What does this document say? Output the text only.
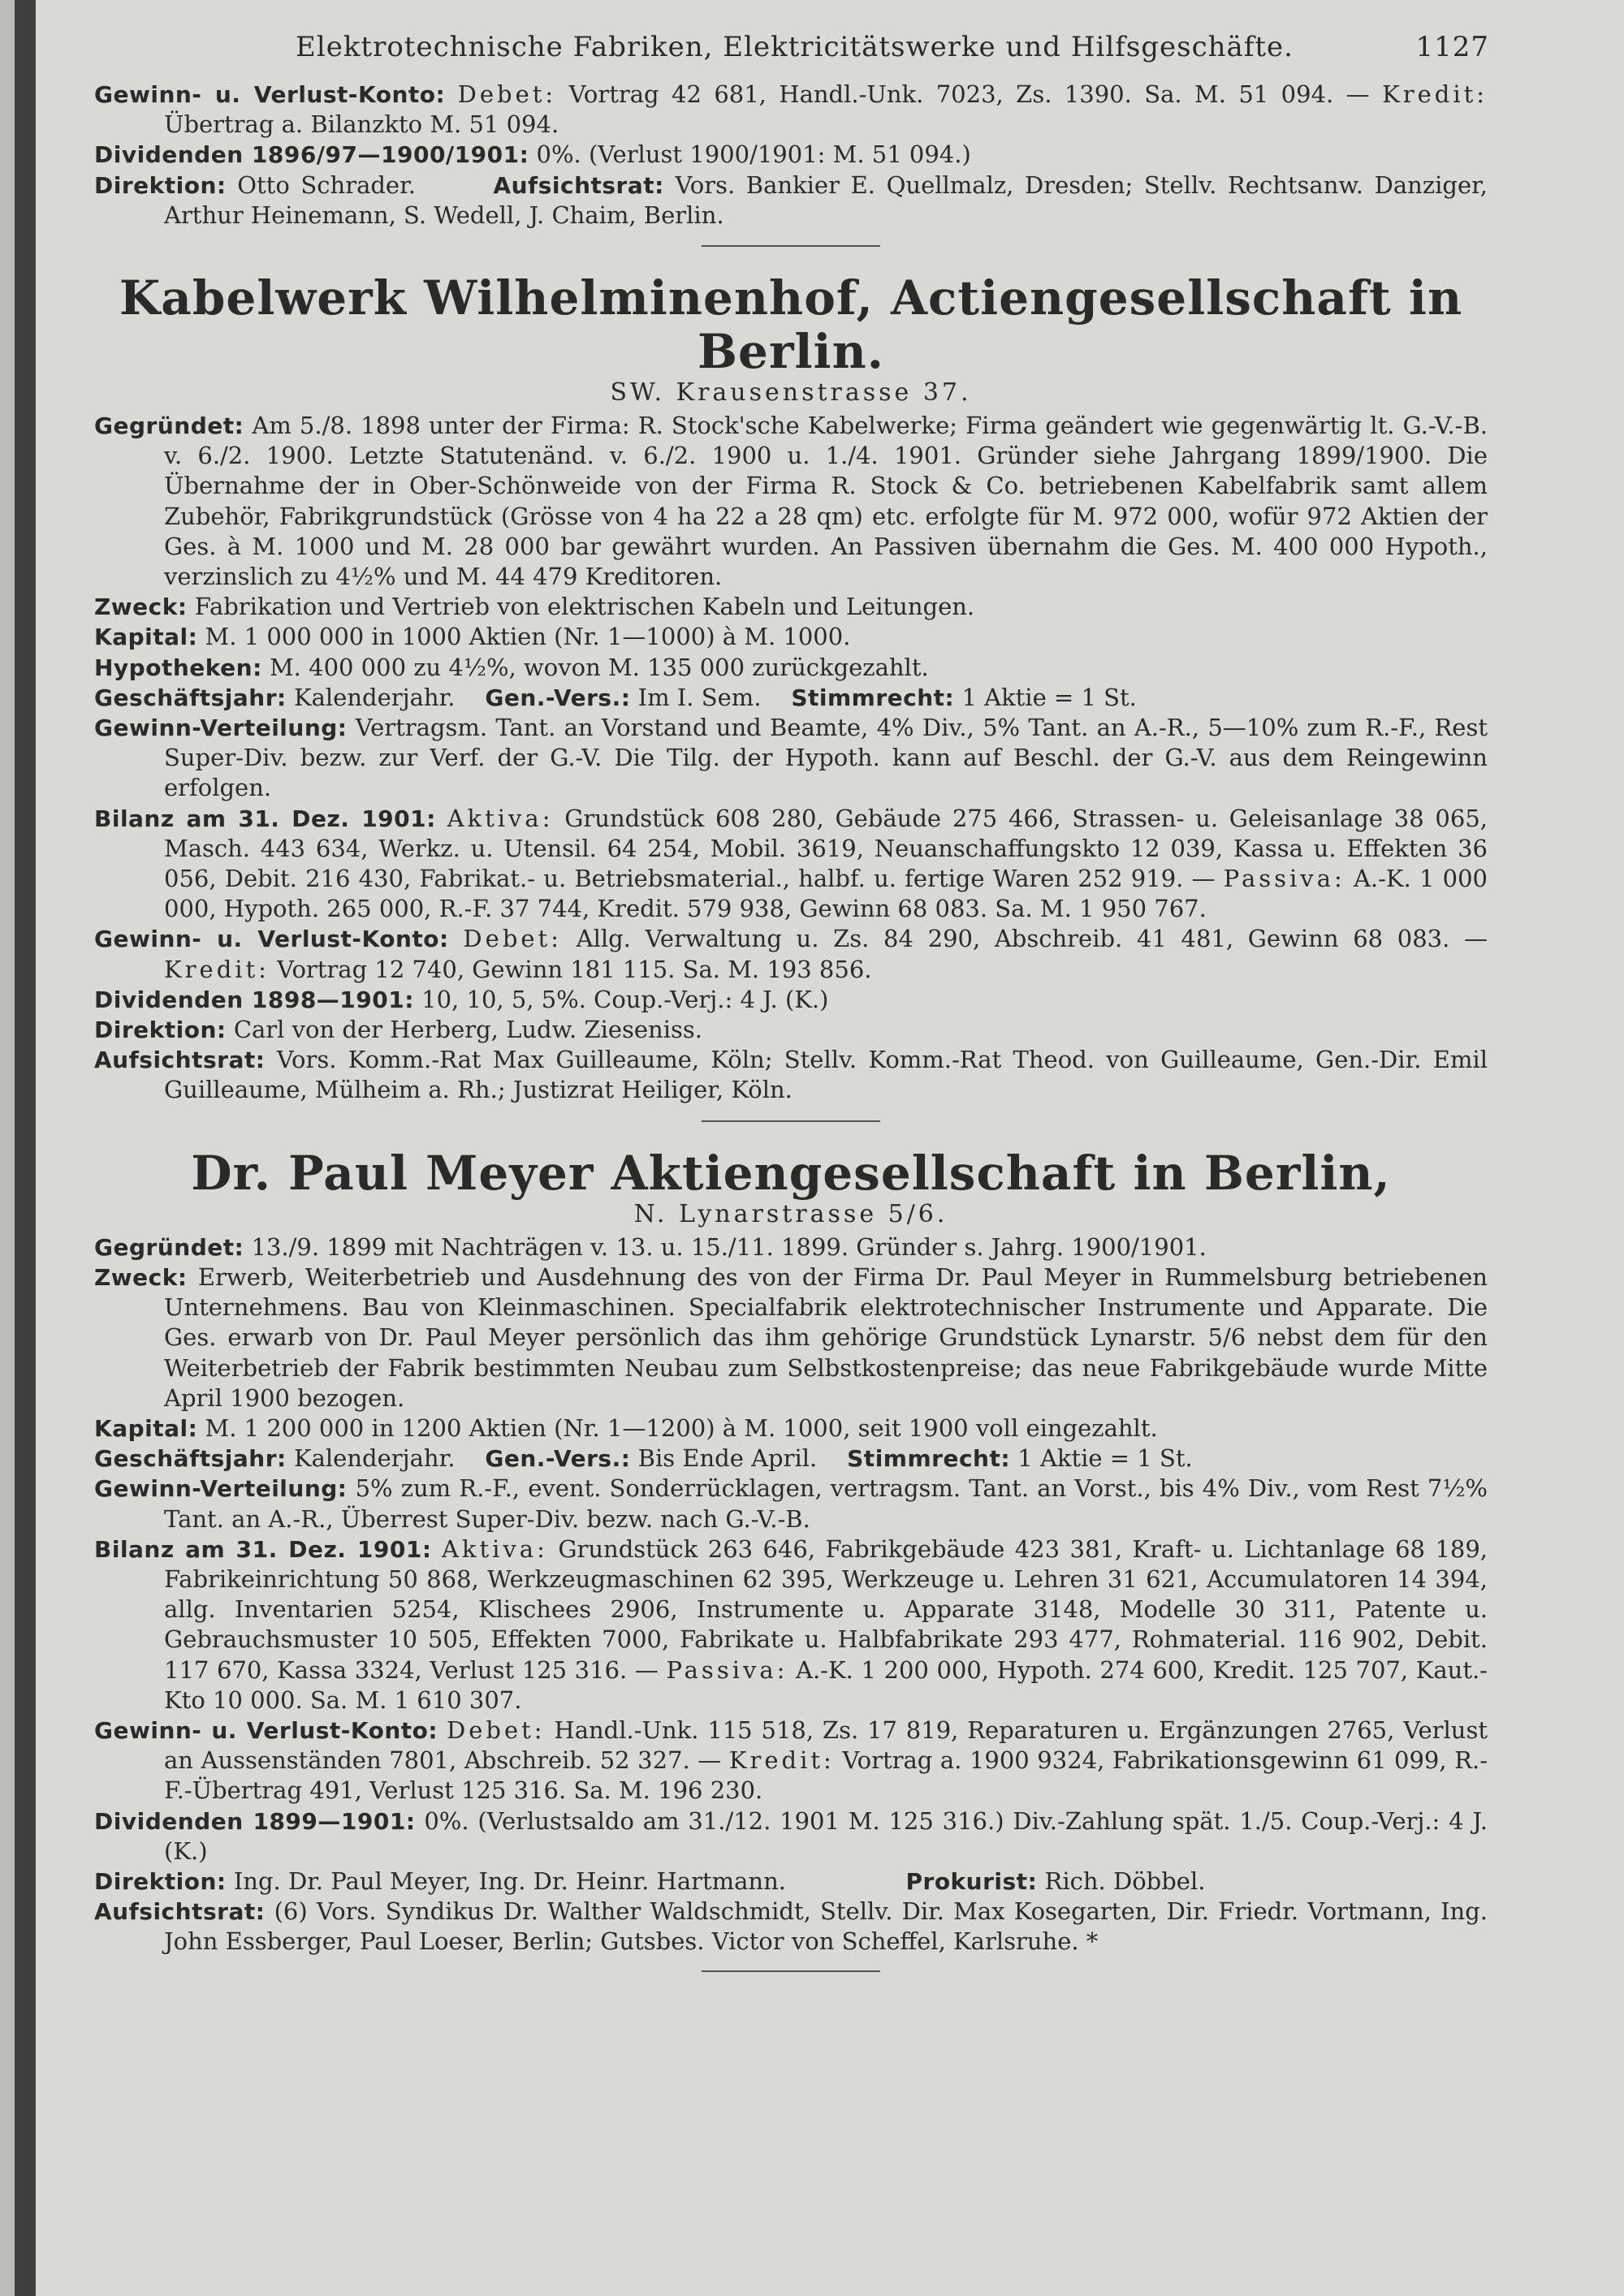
Elektrotechnische Fabriken, Elektricitätswerke und Hilfsgeschäfte.	1127

Gewinn- u. Verlust-Konto: Debet: Vortrag 42 681, Handl.-Unk. 7023, Zs. 1390. Sa. M. 51 094. — Kredit: Übertrag a. Bilanzkto M. 51 094.

Dividenden 1896/97—1900/1901: 0%. (Verlust 1900/1901: M. 51 094.)

Direktion: Otto Schrader.	Aufsichtsrat: Vors. Bankier E. Quellmalz, Dresden; Stellv. Rechtsanw. Danziger, Arthur Heinemann, S. Wedell, J. Chaim, Berlin.

Kabelwerk Wilhelminenhof, Actiengesellschaft in Berlin.
SW. Krausenstrasse 37.

Gegründet: Am 5./8. 1898 unter der Firma: R. Stock'sche Kabelwerke; Firma geändert wie gegenwärtig lt. G.-V.-B. v. 6./2. 1900. Letzte Statutenänd. v. 6./2. 1900 u. 1./4. 1901. Gründer siehe Jahrgang 1899/1900. Die Übernahme der in Ober-Schönweide von der Firma R. Stock & Co. betriebenen Kabelfabrik samt allem Zubehör, Fabrikgrundstück (Grösse von 4 ha 22 a 28 qm) etc. erfolgte für M. 972 000, wofür 972 Aktien der Ges. à M. 1000 und M. 28 000 bar gewährt wurden. An Passiven übernahm die Ges. M. 400 000 Hypoth., verzinslich zu 4½% und M. 44 479 Kreditoren.

Zweck: Fabrikation und Vertrieb von elektrischen Kabeln und Leitungen.

Kapital: M. 1 000 000 in 1000 Aktien (Nr. 1—1000) à M. 1000.

Hypotheken: M. 400 000 zu 4½%, wovon M. 135 000 zurückgezahlt.

Geschäftsjahr: Kalenderjahr. Gen.-Vers.: Im I. Sem. Stimmrecht: 1 Aktie = 1 St.

Gewinn-Verteilung: Vertragsm. Tant. an Vorstand und Beamte, 4% Div., 5% Tant. an A.-R., 5—10% zum R.-F., Rest Super-Div. bezw. zur Verf. der G.-V. Die Tilg. der Hypoth. kann auf Beschl. der G.-V. aus dem Reingewinn erfolgen.

Bilanz am 31. Dez. 1901: Aktiva: Grundstück 608 280, Gebäude 275 466, Strassen- u. Geleisanlage 38 065, Masch. 443 634, Werkz. u. Utensil. 64 254, Mobil. 3619, Neuanschaffungskto 12 039, Kassa u. Effekten 36 056, Debit. 216 430, Fabrikat.- u. Betriebsmaterial., halbf. u. fertige Waren 252 919. — Passiva: A.-K. 1 000 000, Hypoth. 265 000, R.-F. 37 744, Kredit. 579 938, Gewinn 68 083. Sa. M. 1 950 767.

Gewinn- u. Verlust-Konto: Debet: Allg. Verwaltung u. Zs. 84 290, Abschreib. 41 481, Gewinn 68 083. — Kredit: Vortrag 12 740, Gewinn 181 115. Sa. M. 193 856.

Dividenden 1898—1901: 10, 10, 5, 5%. Coup.-Verj.: 4 J. (K.)

Direktion: Carl von der Herberg, Ludw. Zieseniss.

Aufsichtsrat: Vors. Komm.-Rat Max Guilleaume, Köln; Stellv. Komm.-Rat Theod. von Guilleaume, Gen.-Dir. Emil Guilleaume, Mülheim a. Rh.; Justizrat Heiliger, Köln.

Dr. Paul Meyer Aktiengesellschaft in Berlin,
N. Lynarstrasse 5/6.

Gegründet: 13./9. 1899 mit Nachträgen v. 13. u. 15./11. 1899. Gründer s. Jahrg. 1900/1901.

Zweck: Erwerb, Weiterbetrieb und Ausdehnung des von der Firma Dr. Paul Meyer in Rummelsburg betriebenen Unternehmens. Bau von Kleinmaschinen. Specialfabrik elektrotechnischer Instrumente und Apparate. Die Ges. erwarb von Dr. Paul Meyer persönlich das ihm gehörige Grundstück Lynarstr. 5/6 nebst dem für den Weiterbetrieb der Fabrik bestimmten Neubau zum Selbstkostenpreise; das neue Fabrikgebäude wurde Mitte April 1900 bezogen.

Kapital: M. 1 200 000 in 1200 Aktien (Nr. 1—1200) à M. 1000, seit 1900 voll eingezahlt.

Geschäftsjahr: Kalenderjahr. Gen.-Vers.: Bis Ende April. Stimmrecht: 1 Aktie = 1 St.

Gewinn-Verteilung: 5% zum R.-F., event. Sonderrücklagen, vertragsm. Tant. an Vorst., bis 4% Div., vom Rest 7½% Tant. an A.-R., Überrest Super-Div. bezw. nach G.-V.-B.

Bilanz am 31. Dez. 1901: Aktiva: Grundstück 263 646, Fabrikgebäude 423 381, Kraft- u. Lichtanlage 68 189, Fabrikeinrichtung 50 868, Werkzeugmaschinen 62 395, Werkzeuge u. Lehren 31 621, Accumulatoren 14 394, allg. Inventarien 5254, Klischees 2906, Instrumente u. Apparate 3148, Modelle 30 311, Patente u. Gebrauchsmuster 10 505, Effekten 7000, Fabrikate u. Halbfabrikate 293 477, Rohmaterial. 116 902, Debit. 117 670, Kassa 3324, Verlust 125 316. — Passiva: A.-K. 1 200 000, Hypoth. 274 600, Kredit. 125 707, Kaut.-Kto 10 000. Sa. M. 1 610 307.

Gewinn- u. Verlust-Konto: Debet: Handl.-Unk. 115 518, Zs. 17 819, Reparaturen u. Ergänzungen 2765, Verlust an Aussenständen 7801, Abschreib. 52 327. — Kredit: Vortrag a. 1900 9324, Fabrikationsgewinn 61 099, R.-F.-Übertrag 491, Verlust 125 316. Sa. M. 196 230.

Dividenden 1899—1901: 0%. (Verlustsaldo am 31./12. 1901 M. 125 316.) Div.-Zahlung spät. 1./5. Coup.-Verj.: 4 J. (K.)

Direktion: Ing. Dr. Paul Meyer, Ing. Dr. Heinr. Hartmann.	Prokurist: Rich. Döbbel.

Aufsichtsrat: (6) Vors. Syndikus Dr. Walther Waldschmidt, Stellv. Dir. Max Kosegarten, Dir. Friedr. Vortmann, Ing. John Essberger, Paul Loeser, Berlin; Gutsbes. Victor von Scheffel, Karlsruhe. *
